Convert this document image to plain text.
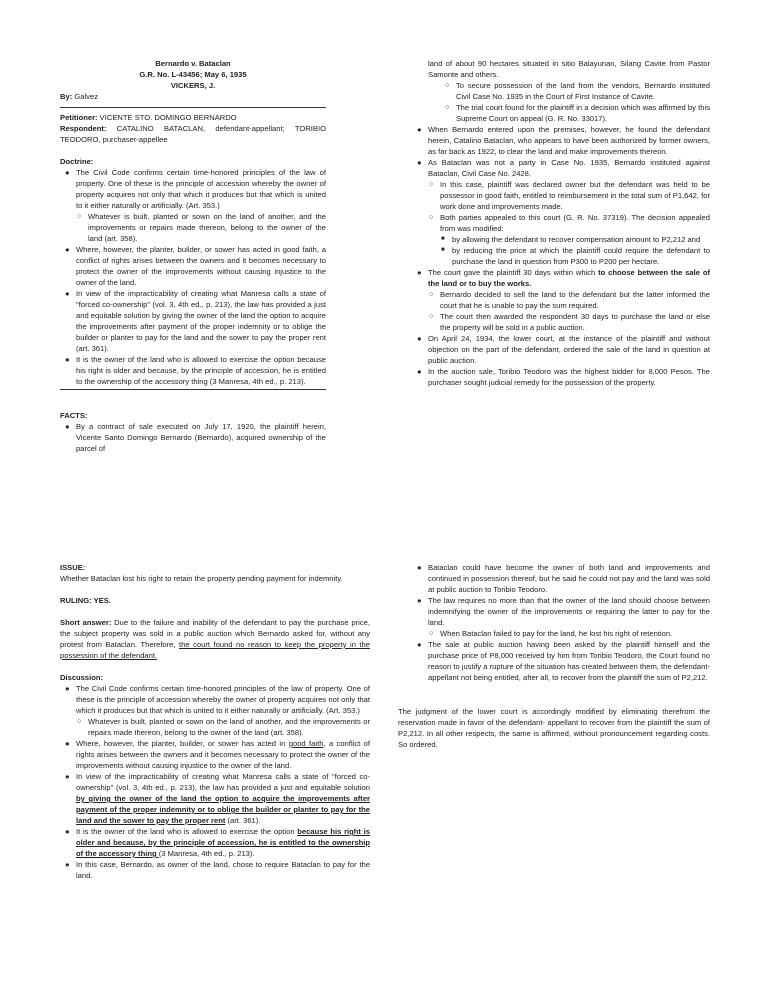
Bernardo v. Bataclan

G.R. No. L-43456; May 6, 1935

VICKERS, J.

By: Galvez

Petitioner: VICENTE STO. DOMINGO BERNARDO

Respondent: CATALINO BATACLAN, defendant-appellant; TORIBIO TEODORO, purchaser-appellee

Doctrine:

● The Civil Code confirms certain time-honored principles of the law of property. One of these is the principle of accession whereby the owner of property acquires not only that which it produces but that which is united to it either naturally or artificially. (Art. 353.)
○ Whatever is built, planted or sown on the land of another, and the improvements or repairs made thereon, belong to the owner of the land (art. 358).
● Where, however, the planter, builder, or sower has acted in good faith, a conflict of rights arises between the owners and it becomes necessary to protect the owner of the improvements without causing injustice to the owner of the land.
● In view of the impracticability of creating what Manresa calls a state of "forced co-ownership" (vol. 3, 4th ed., p. 213), the law has provided a just and equitable solution by giving the owner of the land the option to acquire the improvements after payment of the proper indemnity or to oblige the builder or planter to pay for the land and the sower to pay the proper rent (art. 361).
● It is the owner of the land who is allowed to exercise the option because his right is older and because, by the principle of accession, he is entitled to the ownership of the accessory thing (3 Manresa, 4th ed., p. 213).

FACTS:

● By a contract of sale executed on July 17, 1920, the plaintiff herein, Vicente Santo Domingo Bernardo (Bernardo), acquired ownership of the parcel of

land of about 90 hectares situated in sitio Balayunan, Silang Cavite from Pastor Samonte and others.

○ To secure possession of the land from the vendors, Bernardo instituted Civil Case No. 1935 in the Court of First Instance of Cavite.
○ The trial court found for the plaintiff in a decision which was affirmed by this Supreme Court on appeal (G. R. No. 33017).
● When Bernardo entered upon the premises, however, he found the defendant herein, Catalino Bataclan, who appears to have been authorized by former owners, as far back as 1922, to clear the land and make improvements thereon.
● As Bataclan was not a party in Case No. 1935, Bernardo instituted against Bataclan, Civil Case No. 2428.
○ In this case, plaintiff was declared owner but the defendant was held to be possessor in good faith, entitled to reimbursement in the total sum of P1,642, for work done and improvements made.
○ Both parties appealed to this court (G. R. No. 37319). The decision appealed from was modified:
■ by allowing the defendant to recover compensation amount to P2,212 and
■ by reducing the price at which the plaintiff could require the defendant to purchase the land in question from P300 to P200 per hectare.
● The court gave the plaintiff 30 days within which to choose between the sale of the land or to buy the works.
○ Bernardo decided to sell the land to the defendant but the latter informed the court that he is unable to pay the sum required.
○ The court then awarded the respondent 30 days to purchase the land or else the property will be sold in a public auction.
● On April 24, 1934, the lower court, at the instance of the plaintiff and without objection on the part of the defendant, ordered the sale of the land in question at public auction.
● In the auction sale, Toribio Teodoro was the highest bidder for 8,000 Pesos. The purchaser sought judicial remedy for the possession of the property.

ISSUE:

Whether Bataclan lost his right to retain the property pending payment for indemnity.

RULING: YES.

Short answer: Due to the failure and inability of the defendant to pay the purchase price, the subject property was sold in a public auction which Bernardo asked for, without any protest from Bataclan. Therefore, the court found no reason to keep the property in the possession of the defendant.

Discussion:

● The Civil Code confirms certain time-honored principles of the law of property. One of these is the principle of accession whereby the owner of property acquires not only that which it produces but that which is united to it either naturally or artificially. (Art. 353.)
○ Whatever is built, planted or sown on the land of another, and the improvements or repairs made thereon, belong to the owner of the land (art. 358).
● Where, however, the planter, builder, or sower has acted in good faith, a conflict of rights arises between the owners and it becomes necessary to protect the owner of the improvements without causing injustice to the owner of the land.
● In view of the impracticability of creating what Manresa calls a state of "forced co-ownership" (vol. 3, 4th ed., p. 213), the law has provided a just and equitable solution by giving the owner of the land the option to acquire the improvements after payment of the proper indemnity or to oblige the builder or planter to pay for the land and the sower to pay the proper rent (art. 361).
● It is the owner of the land who is allowed to exercise the option because his right is older and because, by the principle of accession, he is entitled to the ownership of the accessory thing (3 Manresa, 4th ed., p. 213).
● In this case, Bernardo, as owner of the land, chose to require Bataclan to pay for the land.
● Bataclan could have become the owner of both land and improvements and continued in possession thereof, but he said he could not pay and the land was sold at public auction to Toribio Teodoro.
● The law requires no more than that the owner of the land should choose between indemnifying the owner of the improvements or requiring the latter to pay for the land.
○ When Bataclan failed to pay for the land, he lost his right of retention.
● The sale at public auction having been asked by the plaintiff himself and the purchase price of P8,000 received by him from Toribio Teodoro, the Court found no reason to justify a rupture of the situation has created between them, the defendant- appellant not being entitled, after all, to recover from the plaintiff the sum of P2,212.

The judgment of the lower court is accordingly modified by eliminating therefrom the reservation made in favor of the defendant- appellant to recover from the plaintiff the sum of P2,212. In all other respects, the same is affirmed, without pronouncement regarding costs. So ordered.
